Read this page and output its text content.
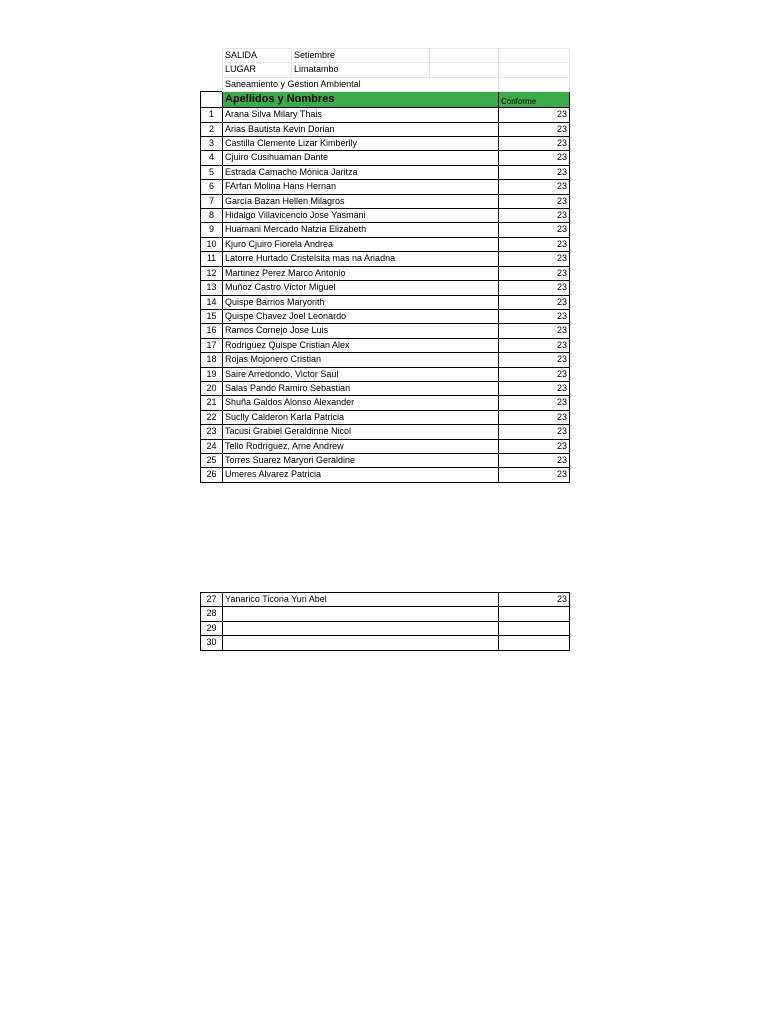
	SALIDA	Setiembre		
	LUGAR	Limatambo		
	Saneamiento y Gestion Ambiental			
	Apellidos y Nombres			Conforme
1	Arana Silva Milary Thais			23
2	Arias Bautista Kevin Dorian			23
3	Castilla Clemente Lizar Kimberlly			23
4	Cjuiro Cusihuaman Dante			23
5	Estrada Camacho Mónica Jaritza			23
6	FArfan Molina Hans Hernan			23
7	García Bazan Hellen Milagros			23
8	Hidalgo Villavicencio Jose Yasmani			23
9	Huamani Mercado Natzia Elizabeth			23
10	Kjuro Cjuiro Fiorela Andrea			23
11	Latorre Hurtado Cristelsita mas na Ariadna			23
12	Martinez Perez Marco Antonio			23
13	Muñoz Castro Victor Miguel			23
14	Quispe Barrios Maryorith			23
15	Quispe Chavez Joel Leonardo			23
16	Ramos Cornejo Jose Luis			23
17	Rodriguez Quispe Cristian Alex			23
18	Rojas Mojonero Cristian			23
19	Saire Arredondo, Victor Saul			23
20	Salas Pando Ramiro Sebastian			23
21	Shuña Galdos Alonso Alexander			23
22	Suclly Calderon Karla Patricia			23
23	Tacusi Grabiel Geraldinne Nicol			23
24	Tello Rodríguez, Arne Andrew			23
25	Torres Suarez Maryori Geraldine			23
26	Umeres Alvarez Patricia			23
27	Yanarico Ticona Yuri Abel	23
28		
29		
30		
